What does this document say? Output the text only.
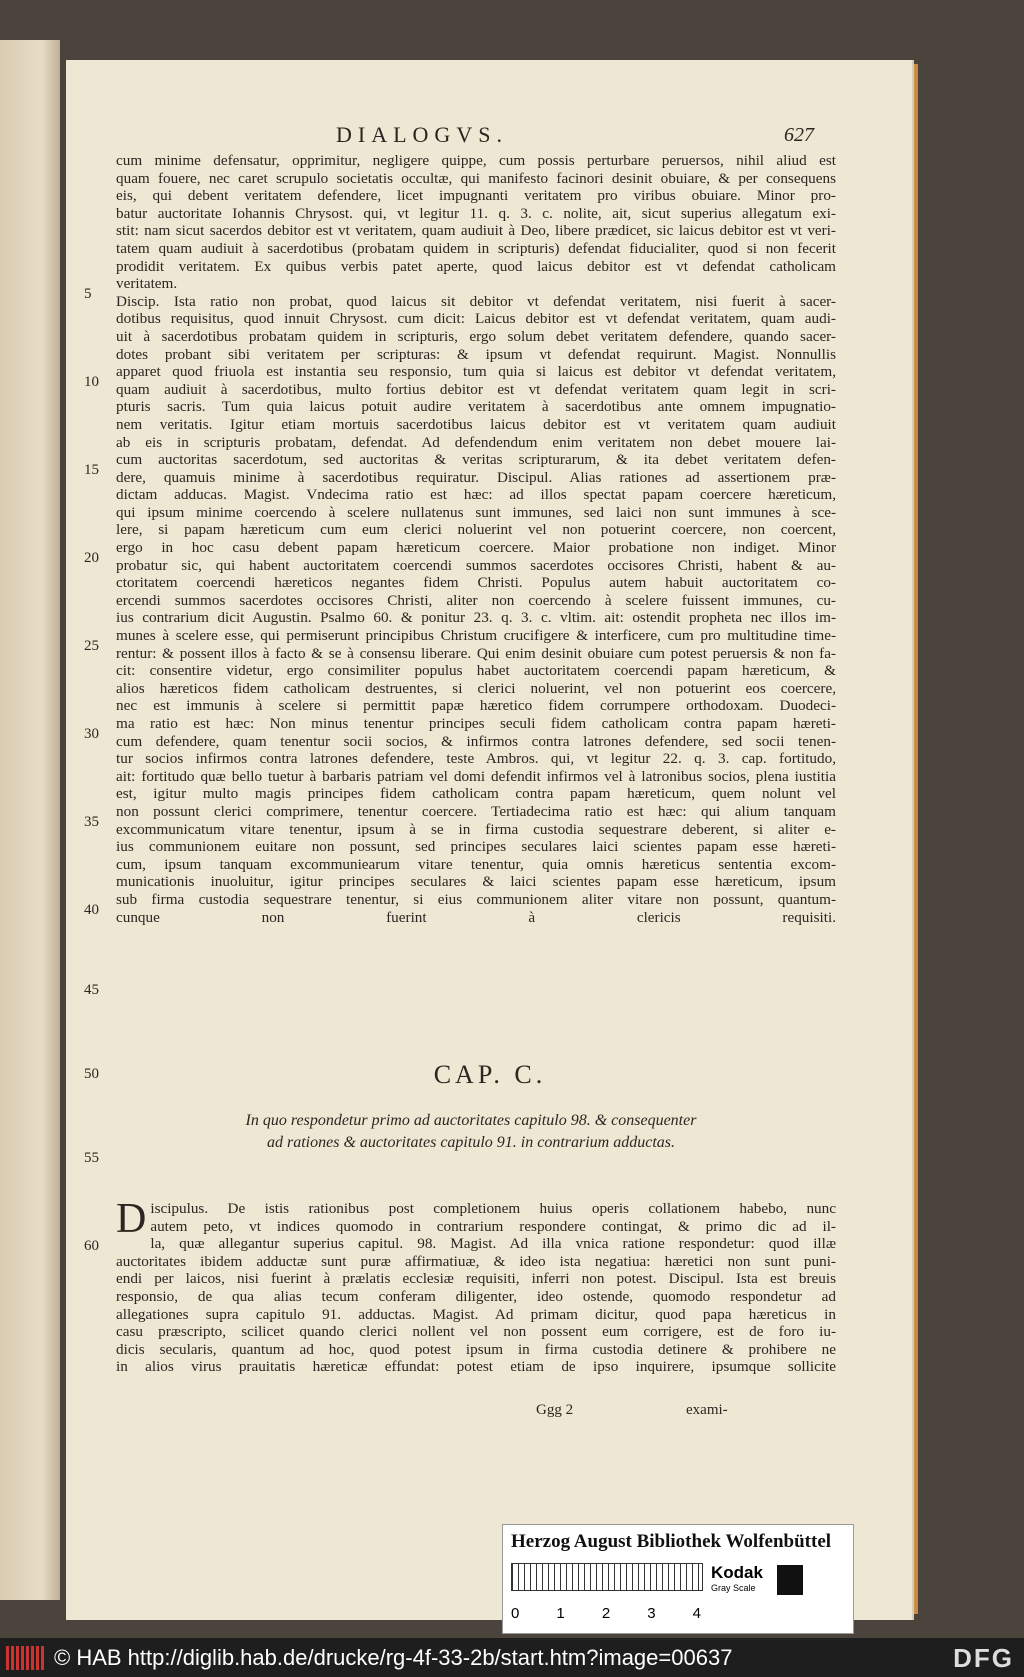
DIALOGVS.	627
cum minime defensatur, opprimitur, negligere quippe, cum possis perturbare peruersos, nihil aliud est
quam fouere, nec caret scrupulo societatis occultæ, qui manifesto facinori desinit obuiare, & per consequens
eis, qui debent veritatem defendere, licet impugnanti veritatem pro viribus obuiare. Minor pro-
batur auctoritate Iohannis Chrysost. qui, vt legitur 11. q. 3. c. nolite, ait, sicut superius allegatum exi-
stit: nam sicut sacerdos debitor est vt veritatem, quam audiuit à Deo, libere prædicet, sic laicus debitor est vt veri-
tatem quam audiuit à sacerdotibus (probatam quidem in scripturis) defendat fiducialiter, quod si non fecerit
prodidit veritatem. Ex quibus verbis patet aperte, quod laicus debitor est vt defendat catholicam
veritatem.
Discip. Ista ratio non probat, quod laicus sit debitor vt defendat veritatem, nisi fuerit à sacer-
dotibus requisitus, quod innuit Chrysost. cum dicit: Laicus debitor est vt defendat veritatem, quam audi-
uit à sacerdotibus probatam quidem in scripturis, ergo solum debet veritatem defendere, quando sacer-
dotes probant sibi veritatem per scripturas: & ipsum vt defendat requirunt. Magist. Nonnullis
apparet quod friuola est instantia seu responsio, tum quia si laicus est debitor vt defendat veritatem,
quam audiuit à sacerdotibus, multo fortius debitor est vt defendat veritatem quam legit in scri-
pturis sacris. Tum quia laicus potuit audire veritatem à sacerdotibus ante omnem impugnatio-
nem veritatis. Igitur etiam mortuis sacerdotibus laicus debitor est vt veritatem quam audiuit
ab eis in scripturis probatam, defendat. Ad defendendum enim veritatem non debet mouere lai-
cum auctoritas sacerdotum, sed auctoritas & veritas scripturarum, & ita debet veritatem defen-
dere, quamuis minime à sacerdotibus requiratur. Discipul. Alias rationes ad assertionem præ-
dictam adducas. Magist. Vndecima ratio est hæc: ad illos spectat papam coercere hæreticum,
qui ipsum minime coercendo à scelere nullatenus sunt immunes, sed laici non sunt immunes à sce-
lere, si papam hæreticum cum eum clerici noluerint vel non potuerint coercere, non coercent,
ergo in hoc casu debent papam hæreticum coercere. Maior probatione non indiget. Minor
probatur sic, qui habent auctoritatem coercendi summos sacerdotes occisores Christi, habent & au-
ctoritatem coercendi hæreticos negantes fidem Christi. Populus autem habuit auctoritatem co-
ercendi summos sacerdotes occisores Christi, aliter non coercendo à scelere fuissent immunes, cu-
ius contrarium dicit Augustin. Psalmo 60. & ponitur 23. q. 3. c. vltim. ait: ostendit propheta nec illos im-
munes à scelere esse, qui permiserunt principibus Christum crucifigere & interficere, cum pro multitudine time-
rentur: & possent illos à facto & se à consensu liberare. Qui enim desinit obuiare cum potest peruersis & non fa-
cit: consentire videtur, ergo consimiliter populus habet auctoritatem coercendi papam hæreticum, &
alios hæreticos fidem catholicam destruentes, si clerici noluerint, vel non potuerint eos coercere,
nec est immunis à scelere si permittit papæ hæretico fidem corrumpere orthodoxam. Duodeci-
ma ratio est hæc: Non minus tenentur principes seculi fidem catholicam contra papam hæreti-
cum defendere, quam tenentur socii socios, & infirmos contra latrones defendere, sed socii tenen-
tur socios infirmos contra latrones defendere, teste Ambros. qui, vt legitur 22. q. 3. cap. fortitudo,
ait: fortitudo quæ bello tuetur à barbaris patriam vel domi defendit infirmos vel à latronibus socios, plena iustitia
est, igitur multo magis principes fidem catholicam contra papam hæreticum, quem nolunt vel
non possunt clerici comprimere, tenentur coercere. Tertiadecima ratio est hæc: qui alium tanquam
excommunicatum vitare tenentur, ipsum à se in firma custodia sequestrare deberent, si aliter e-
ius communionem euitare non possunt, sed principes seculares laici scientes papam esse hæreti-
cum, ipsum tanquam excommuniearum vitare tenentur, quia omnis hæreticus sententia excom-
municationis inuoluitur, igitur principes seculares & laici scientes papam esse hæreticum, ipsum
sub firma custodia sequestrare tenentur, si eius communionem aliter vitare non possunt, quantum-
cunque non fuerint à clericis requisiti.
CAP. C.
In quo respondetur primo ad auctoritates capitulo 98. & consequenter ad rationes & auctoritates capitulo 91. in contrarium adductas.
D iscipulus. De istis rationibus post completionem huius operis collationem habebo, nunc
autem peto, vt indices quomodo in contrarium respondere contingat, & primo dic ad il-
la, quæ allegantur superius capitul. 98. Magist. Ad illa vnica ratione respondetur: quod illæ
auctoritates ibidem adductæ sunt puræ affirmatiuæ, & ideo ista negatiua: hæretici non sunt puni-
endi per laicos, nisi fuerint à prælatis ecclesiæ requisiti, inferri non potest. Discipul. Ista est breuis
responsio, de qua alias tecum conferam diligenter, ideo ostende, quomodo respondetur ad
allegationes supra capitulo 91. adductas. Magist. Ad primam dicitur, quod papa hæreticus in
casu præscripto, scilicet quando clerici nollent vel non possent eum corrigere, est de foro iu-
dicis secularis, quantum ad hoc, quod potest ipsum in firma custodia detinere & prohibere ne
in alios virus prauitatis hæreticæ effundat: potest etiam de ipso inquirere, ipsumque sollicite
Ggg 2	exami-
5
10
15
20
25
30
35
40
45
50
55
60
Herzog August Bibliothek Wolfenbüttel
0 1 2 3 4
Kodak
Gray Scale
© HAB http://diglib.hab.de/drucke/rg-4f-33-2b/start.htm?image=00637	DFG
